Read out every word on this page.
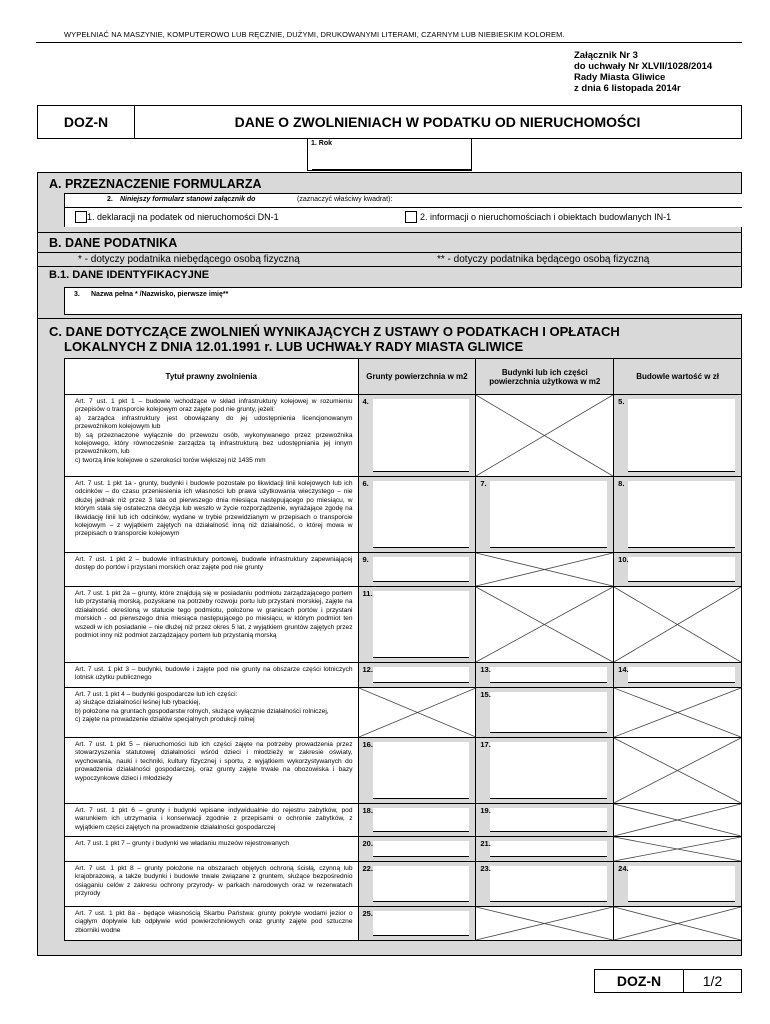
WYPEŁNIAĆ NA MASZYNIE, KOMPUTEROWO LUB RĘCZNIE, DUŻYMI, DRUKOWANYMI LITERAMI, CZARNYM LUB NIEBIESKIM KOLOREM.
Załącznik Nr 3
do uchwały Nr XLVII/1028/2014
Rady Miasta Gliwice
z dnia 6 listopada 2014r
DOZ-N	DANE O ZWOLNIENIACH W PODATKU OD NIERUCHOMOŚCI
1. Rok
A. PRZEZNACZENIE FORMULARZA
2. Niniejszy formularz stanowi załącznik do	(zaznaczyć właściwy kwadrat):
1. deklaracji na podatek od nieruchomości DN-1	2. informacji o nieruchomościach i obiektach budowlanych IN-1
B. DANE PODATNIKA
* - dotyczy podatnika niebędącego osobą fizyczną	** - dotyczy podatnika będącego osobą fizyczną
B.1. DANE IDENTYFIKACYJNE
3. Nazwa pełna * /Nazwisko, pierwsze imię**
C. DANE DOTYCZĄCE ZWOLNIEŃ WYNIKAJĄCYCH Z USTAWY O PODATKACH I OPŁATACH
LOKALNYCH Z DNIA 12.01.1991 r. LUB UCHWAŁY RADY MIASTA GLIWICE
Tytuł prawny zwolnienia	Grunty powierzchnia w m2	Budynki lub ich części powierzchnia użytkowa w m2	Budowle wartość w zł
Art. 7 ust. 1 pkt 1 – budowle wchodzące w skład infrastruktury kolejowej w rozumieniu przepisów o transporcie kolejowym oraz zajęte pod nie grunty, jeżeli:
a) zarządca infrastruktury jest obowiązany do jej udostępnienia licencjonowanym przewoźnikom kolejowym lub
b) są przeznaczone wyłącznie do przewozu osób, wykonywanego przez przewoźnika kolejowego, który równocześnie zarządza tą infrastrukturą bez udostępniania jej innym przewoźnikom, lub
c) tworzą linie kolejowe o szerokości torów większej niż 1435 mm	4.		5.

Art. 7 ust. 1 pkt 1a - grunty, budynki i budowle pozostałe po likwidacji linii kolejowych lub ich odcinków – do czasu przeniesienia ich własności lub prawa użytkowania wieczystego – nie dłużej jednak niż przez 3 lata od pierwszego dnia miesiąca następującego po miesiącu, w którym stała się ostateczna decyzja lub weszło w życie rozporządzenie, wyrażające zgodę na likwidację linii lub ich odcinków, wydane w trybie przewidzianym w przepisach o transporcie kolejowym – z wyjątkiem zajętych na działalność inną niż działalność, o której mowa w przepisach o transporcie kolejowym	6.	7.	8.

Art. 7 ust. 1 pkt 2 – budowle infrastruktury portowej, budowle infrastruktury zapewniającej dostęp do portów i przystani morskich oraz zajęte pod nie grunty	9.		10.

Art. 7 ust. 1 pkt 2a – grunty, które znajdują się w posiadaniu podmiotu zarządzającego portem lub przystanią morską, pozyskane na potrzeby rozwoju portu lub przystani morskiej, zajęte na działalność określoną w statucie tego podmiotu, położone w granicach portów i przystani morskich - od pierwszego dnia miesiąca następującego po miesiącu, w którym podmiot ten wszedł w ich posiadanie – nie dłużej niż przez okres 5 lat, z wyjątkiem gruntów zajętych przez podmiot inny niż podmiot zarządzający portem lub przystanią morską	11.

Art. 7 ust. 1 pkt 3 – budynki, budowle i zajęte pod nie grunty na obszarze części lotniczych lotnisk użytku publicznego	12.	13.	14.

Art. 7 ust. 1 pkt 4 – budynki gospodarcze lub ich części:
a) służące działalności leśnej lub rybackiej,
b) położone na gruntach gospodarstw rolnych, służące wyłącznie działalności rolniczej,
c) zajęte na prowadzenie działów specjalnych produkcji rolnej		15.

Art. 7 ust. 1 pkt 5 – nieruchomości lub ich części zajęte na potrzeby prowadzenia przez stowarzyszenia statutowej działalności wśród dzieci i młodzieży w zakresie oświaty, wychowania, nauki i techniki, kultury fizycznej i sportu, z wyjątkiem wykorzystywanych do prowadzenia działalności gospodarczej, oraz grunty zajęte trwale na obozowiska i bazy wypoczynkowe dzieci i młodzieży	16.	17.

Art. 7 ust. 1 pkt 6 – grunty i budynki wpisane indywidualnie do rejestru zabytków, pod warunkiem ich utrzymania i konserwacji zgodnie z przepisami o ochronie zabytków, z wyjątkiem części zajętych na prowadzenie działalności gospodarczej	18.	19.

Art. 7 ust. 1 pkt 7 – grunty i budynki we władaniu muzeów rejestrowanych	20.	21.

Art. 7 ust. 1 pkt 8 – grunty położone na obszarach objętych ochroną ścisłą, czynną lub krajobrazową, a także budynki i budowle trwale związane z gruntem, służące bezpośrednio osiąganiu celów z zakresu ochrony przyrody- w parkach narodowych oraz w rezerwatach przyrody	22.	23.	24.

Art. 7 ust. 1 pkt 8a - będące własnością Skarbu Państwa: grunty pokryte wodami jezior o ciągłym dopływie lub odpływie wód powierzchniowych oraz grunty zajęte pod sztuczne zbiorniki wodne	25.

DOZ-N	1/2
